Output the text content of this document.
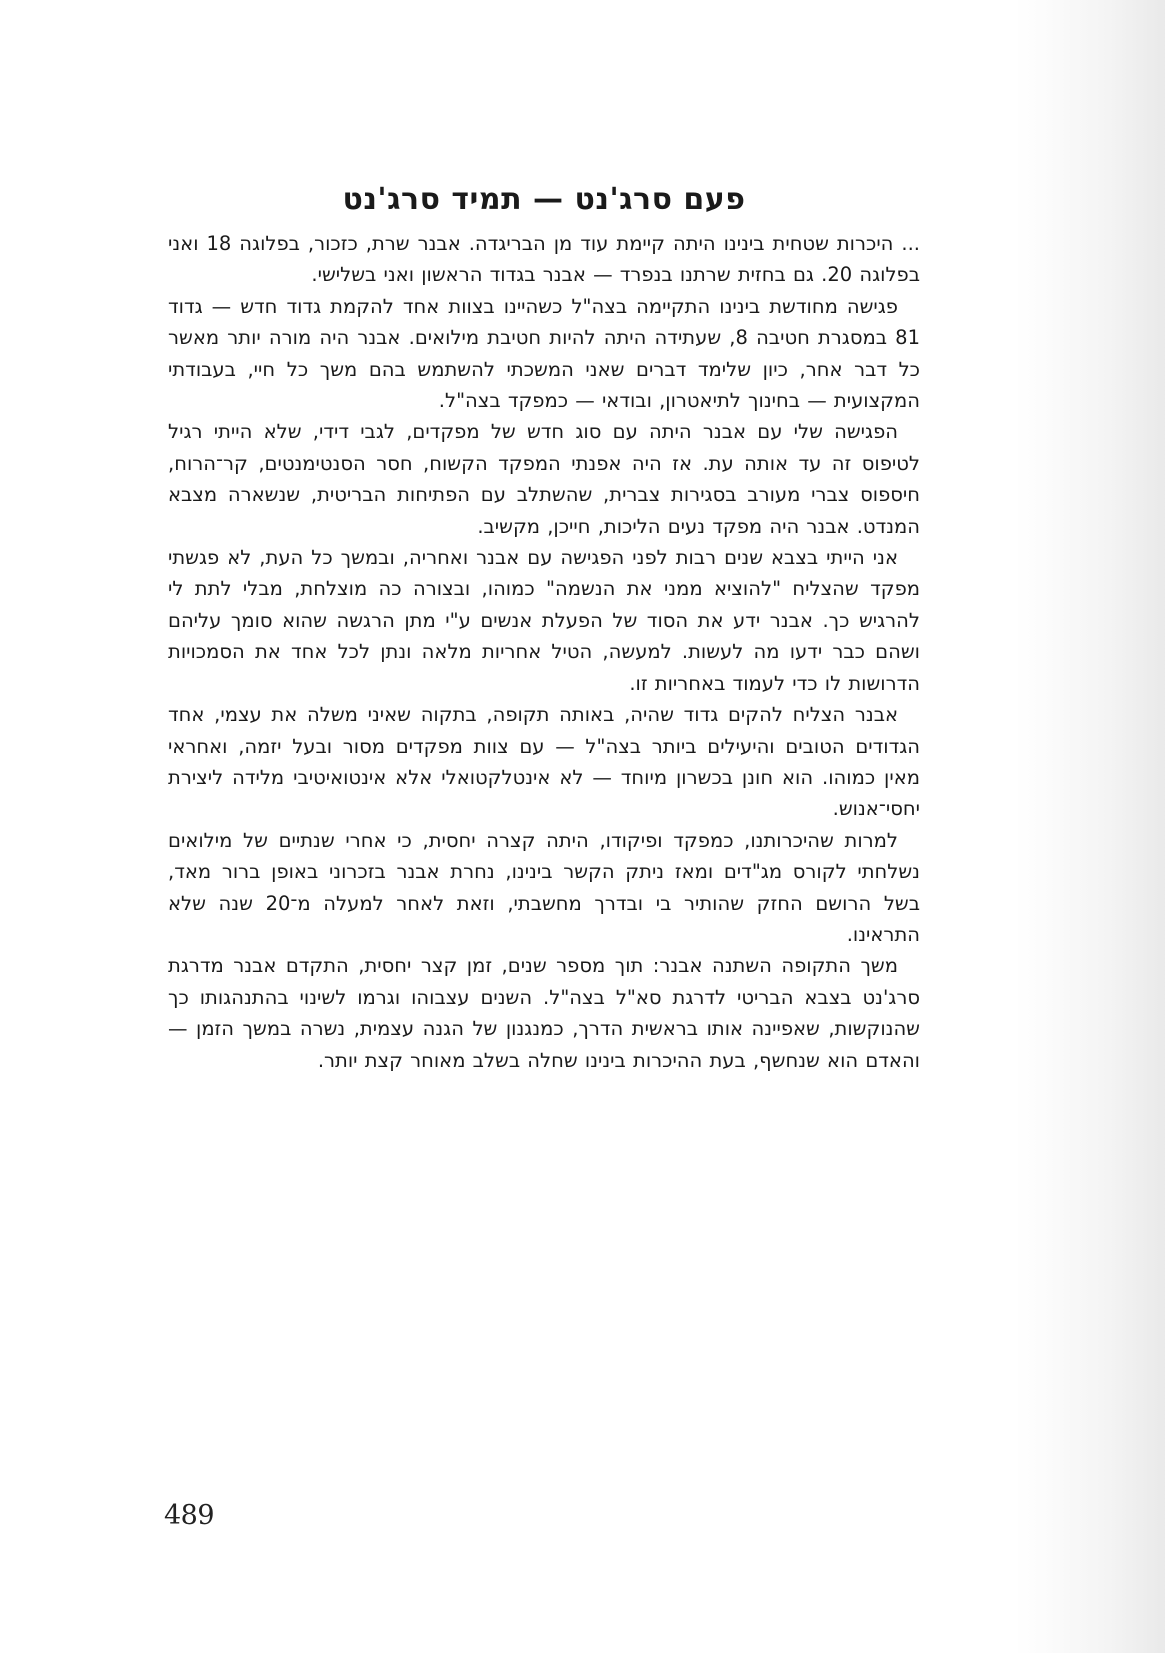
פעם סרג'נט — תמיד סרג'נט

... היכרות שטחית בינינו היתה קיימת עוד מן הבריגדה. אבנר שרת, כזכור, בפלוגה 18 ואני בפלוגה 20. גם בחזית שרתנו בנפרד — אבנר בגדוד הראשון ואני בשלישי.

פגישה מחודשת בינינו התקיימה בצה"ל כשהיינו בצוות אחד להקמת גדוד חדש — גדוד 81 במסגרת חטיבה 8, שעתידה היתה להיות חטיבת מילואים. אבנר היה מורה יותר מאשר כל דבר אחר, כיון שלימד דברים שאני המשכתי להשתמש בהם משך כל חיי, בעבודתי המקצועית — בחינוך לתיאטרון, ובודאי — כמפקד בצה"ל.

הפגישה שלי עם אבנר היתה עם סוג חדש של מפקדים, לגבי דידי, שלא הייתי רגיל לטיפוס זה עד אותה עת. אז היה אפנתי המפקד הקשוח, חסר הסנטימנטים, קר־הרוח, חיספוס צברי מעורב בסגירות צברית, שהשתלב עם הפתיחות הבריטית, שנשארה מצבא המנדט. אבנר היה מפקד נעים הליכות, חייכן, מקשיב.

אני הייתי בצבא שנים רבות לפני הפגישה עם אבנר ואחריה, ובמשך כל העת, לא פגשתי מפקד שהצליח "להוציא ממני את הנשמה" כמוהו, ובצורה כה מוצלחת, מבלי לתת לי להרגיש כך. אבנר ידע את הסוד של הפעלת אנשים ע"י מתן הרגשה שהוא סומך עליהם ושהם כבר ידעו מה לעשות. למעשה, הטיל אחריות מלאה ונתן לכל אחד את הסמכויות הדרושות לו כדי לעמוד באחריות זו.

אבנר הצליח להקים גדוד שהיה, באותה תקופה, בתקוה שאיני משלה את עצמי, אחד הגדודים הטובים והיעילים ביותר בצה"ל — עם צוות מפקדים מסור ובעל יזמה, ואחראי מאין כמוהו. הוא חונן בכשרון מיוחד — לא אינטלקטואלי אלא אינטואיטיבי מלידה ליצירת יחסי־אנוש.

למרות שהיכרותנו, כמפקד ופיקודו, היתה קצרה יחסית, כי אחרי שנתיים של מילואים נשלחתי לקורס מג"דים ומאז ניתק הקשר בינינו, נחרת אבנר בזכרוני באופן ברור מאד, בשל הרושם החזק שהותיר בי ובדרך מחשבתי, וזאת לאחר למעלה מ־20 שנה שלא התראינו.

משך התקופה השתנה אבנר: תוך מספר שנים, זמן קצר יחסית, התקדם אבנר מדרגת סרג'נט בצבא הבריטי לדרגת סא"ל בצה"ל. השנים עצבוהו וגרמו לשינוי בהתנהגותו כך שהנוקשות, שאפיינה אותו בראשית הדרך, כמנגנון של הגנה עצמית, נשרה במשך הזמן — והאדם הוא שנחשף, בעת ההיכרות בינינו שחלה בשלב מאוחר קצת יותר.

489
